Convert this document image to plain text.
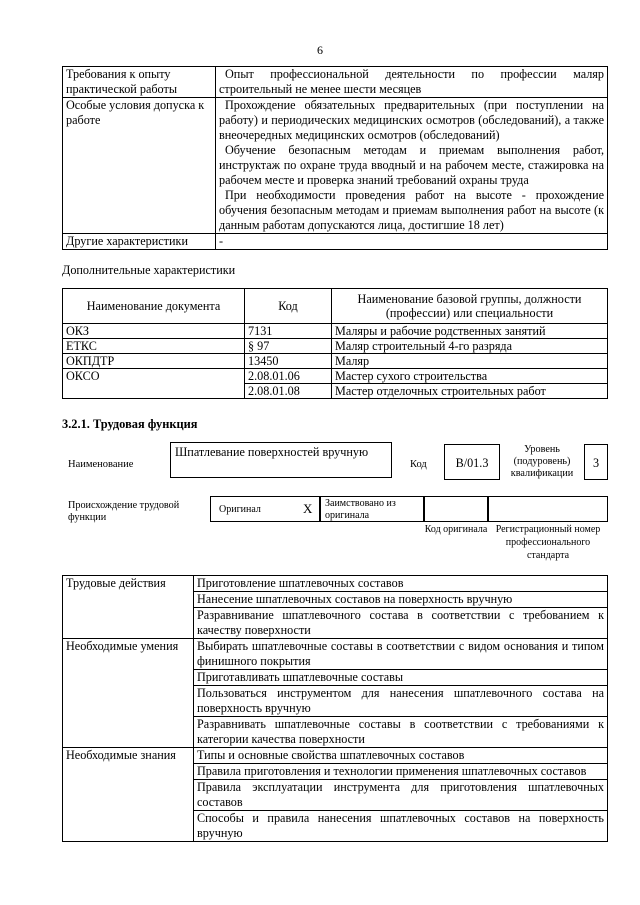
6
Требования к опыту практической работы	Опыт профессиональной деятельности по профессии маляр строительный не менее шести месяцев

Особые условия допуска к работе	Прохождение обязательных предварительных (при поступлении на работу) и периодических медицинских осмотров (обследований), а также внеочередных медицинских осмотров (обследований)
Обучение безопасным методам и приемам выполнения работ, инструктаж по охране труда вводный и на рабочем месте, стажировка на рабочем месте и проверка знаний требований охраны труда
При необходимости проведения работ на высоте - прохождение обучения безопасным методам и приемам выполнения работ на высоте (к данным работам допускаются лица, достигшие 18 лет)

Другие характеристики	-
Дополнительные характеристики
Наименование документа	Код	Наименование базовой группы, должности (профессии) или специальности
ОКЗ	7131	Маляры и рабочие родственных занятий
ЕТКС	§ 97	Маляр строительный 4-го разряда
ОКПДТР	13450	Маляр
ОКСО	2.08.01.06	Мастер сухого строительства
	2.08.01.08	Мастер отделочных строительных работ
3.2.1. Трудовая функция
Наименование
Шпатлевание поверхностей вручную
Код	В/01.3
Уровень (подуровень) квалификации
3
Происхождение трудовой функции
Оригинал	X	Заимствовано из оригинала
Код оригинала Регистрационный номер профессионального стандарта
Трудовые действия	Приготовление шпатлевочных составов
	Нанесение шпатлевочных составов на поверхность вручную
	Разравнивание шпатлевочного состава в соответствии с требованием к качеству поверхности
Необходимые умения	Выбирать шпатлевочные составы в соответствии с видом основания и типом финишного покрытия
	Приготавливать шпатлевочные составы
	Пользоваться инструментом для нанесения шпатлевочного состава на поверхность вручную
	Разравнивать шпатлевочные составы в соответствии с требованиями к категории качества поверхности
Необходимые знания	Типы и основные свойства шпатлевочных составов
	Правила приготовления и технологии применения шпатлевочных составов
	Правила эксплуатации инструмента для приготовления шпатлевочных составов
	Способы и правила нанесения шпатлевочных составов на поверхность вручную
